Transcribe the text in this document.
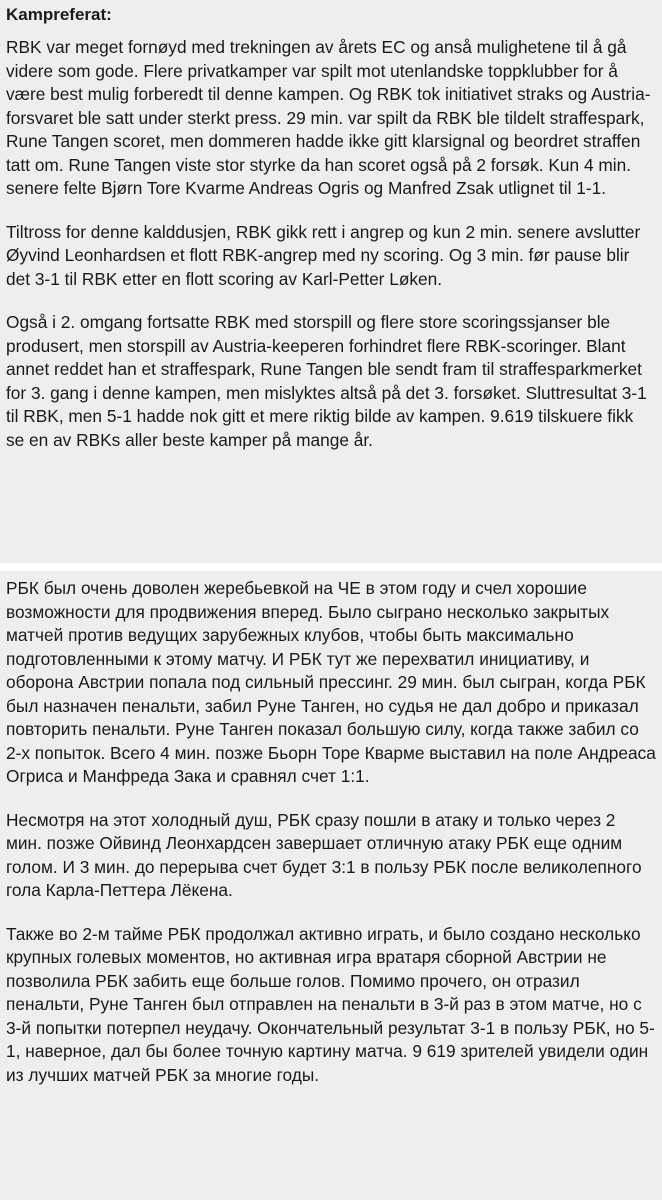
Kampreferat:

RBK var meget fornøyd med trekningen av årets EC og anså mulighetene til å gå videre som gode. Flere privatkamper var spilt mot utenlandske toppklubber for å være best mulig forberedt til denne kampen. Og RBK tok initiativet straks og Austria-forsvaret ble satt under sterkt press. 29 min. var spilt da RBK ble tildelt straffespark, Rune Tangen scoret, men dommeren hadde ikke gitt klarsignal og beordret straffen tatt om. Rune Tangen viste stor styrke da han scoret også på 2 forsøk. Kun 4 min. senere felte Bjørn Tore Kvarme Andreas Ogris og Manfred Zsak utlignet til 1-1.

Tiltross for denne kalddusjen, RBK gikk rett i angrep og kun 2 min. senere avslutter Øyvind Leonhardsen et flott RBK-angrep med ny scoring. Og 3 min. før pause blir det 3-1 til RBK etter en flott scoring av Karl-Petter Løken.

Også i 2. omgang fortsatte RBK med storspill og flere store scoringssjanser ble produsert, men storspill av Austria-keeperen forhindret flere RBK-scoringer. Blant annet reddet han et straffespark, Rune Tangen ble sendt fram til straffesparkmerket for 3. gang i denne kampen, men mislyktes altså på det 3. forsøket. Sluttresultat 3-1 til RBK, men 5-1 hadde nok gitt et mere riktig bilde av kampen. 9.619 tilskuere fikk se en av RBKs aller beste kamper på mange år.

РБК был очень доволен жеребьевкой на ЧЕ в этом году и счел хорошие возможности для продвижения вперед. Было сыграно несколько закрытых матчей против ведущих зарубежных клубов, чтобы быть максимально подготовленными к этому матчу. И РБК тут же перехватил инициативу, и оборона Австрии попала под сильный прессинг. 29 мин. был сыгран, когда РБК был назначен пенальти, забил Руне Танген, но судья не дал добро и приказал повторить пенальти. Руне Танген показал большую силу, когда также забил со 2-х попыток. Всего 4 мин. позже Бьорн Торе Кварме выставил на поле Андреаса Огриса и Манфреда Зака и сравнял счет 1:1.

Несмотря на этот холодный душ, РБК сразу пошли в атаку и только через 2 мин. позже Ойвинд Леонхардсен завершает отличную атаку РБК еще одним голом. И 3 мин. до перерыва счет будет 3:1 в пользу РБК после великолепного гола Карла-Петтера Лёкена.

Также во 2-м тайме РБК продолжал активно играть, и было создано несколько крупных голевых моментов, но активная игра вратаря сборной Австрии не позволила РБК забить еще больше голов. Помимо прочего, он отразил пенальти, Руне Танген был отправлен на пенальти в 3-й раз в этом матче, но с 3-й попытки потерпел неудачу. Окончательный результат 3-1 в пользу РБК, но 5-1, наверное, дал бы более точную картину матча. 9 619 зрителей увидели один из лучших матчей РБК за многие годы.
